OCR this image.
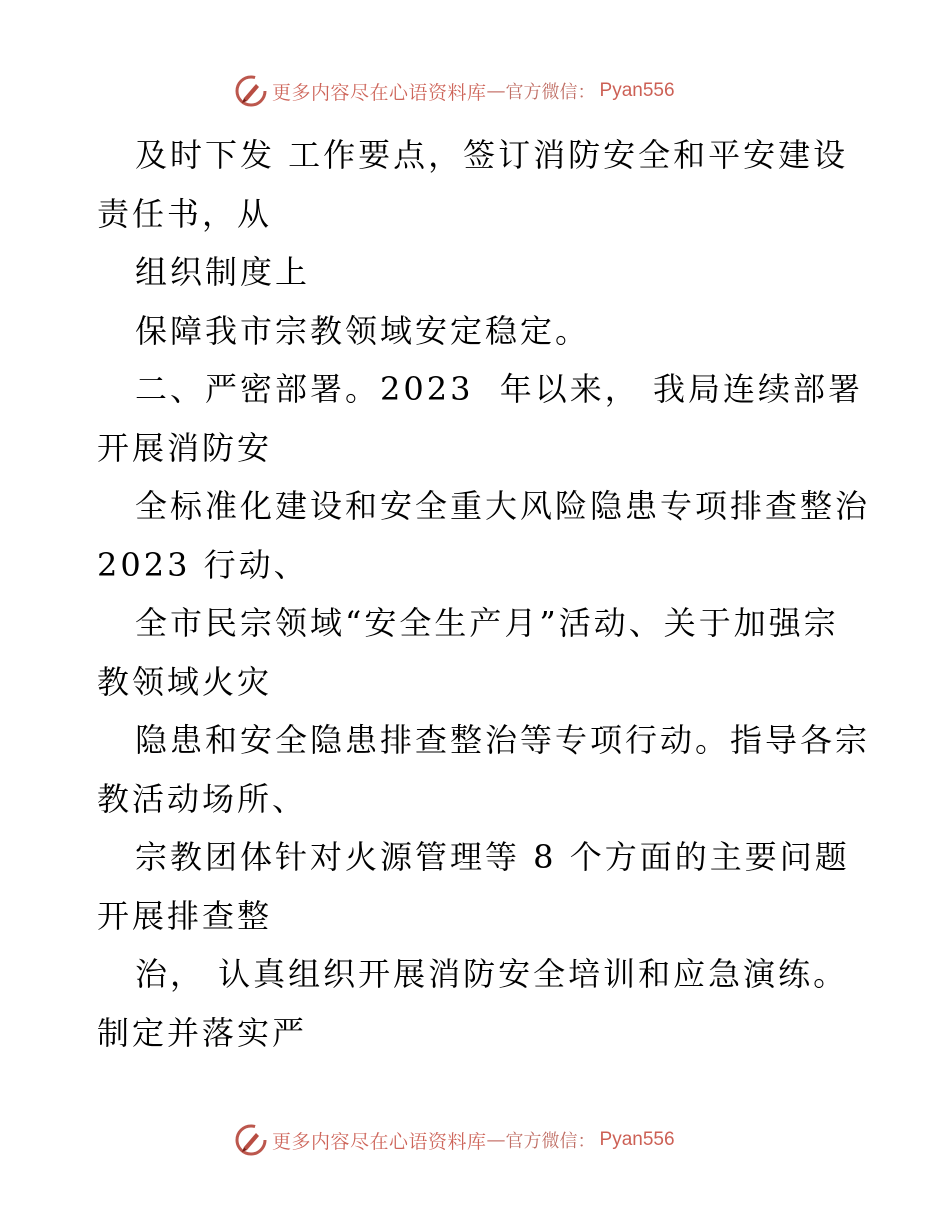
更多内容尽在心语资料库 — 官方微信： Pyan556
及时下发 工作要点，签订消防安全和平安建设
责任书，从
组织制度上
保障我市宗教领域安定稳定。
二、严密部署。2023  年以来， 我局连续部署
开展消防安
全标准化建设和安全重大风险隐患专项排查整治
2023 行动、
全市民宗领域“安全生产月”活动、关于加强宗
教领域火灾
隐患和安全隐患排查整治等专项行动。指导各宗
教活动场所、
宗教团体针对火源管理等 8 个方面的主要问题
开展排查整
治， 认真组织开展消防安全培训和应急演练。
制定并落实严
更多内容尽在心语资料库 — 官方微信： Pyan556
